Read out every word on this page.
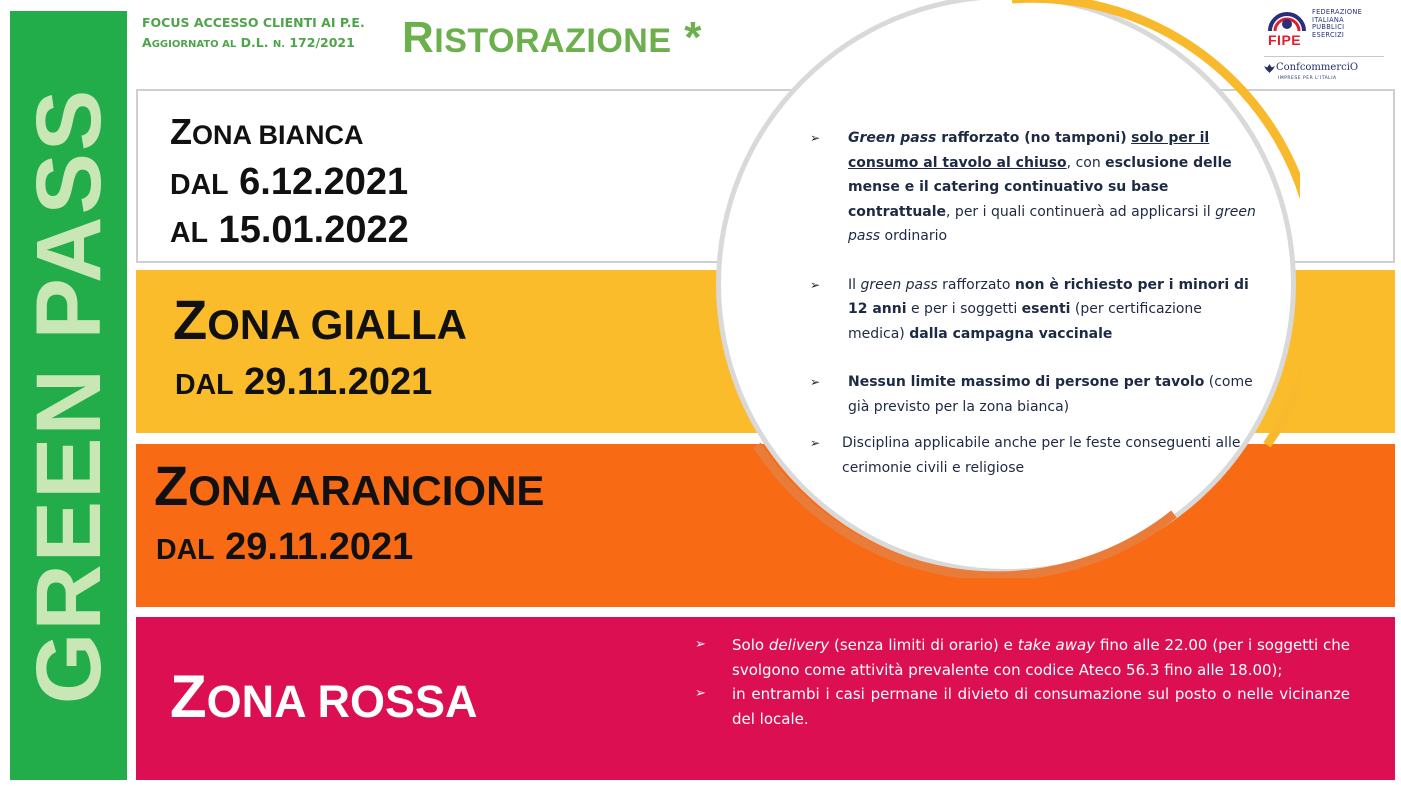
GREEN PASS
FOCUS ACCESSO CLIENTI AI P.E.
AGGIORNATO AL D.L. N. 172/2021 RISTORAZIONE *
FEDERAZIONE
ITALIANA
PUBBLICI
ESERCIZI
FIPE
ConfcommerciO
IMPRESE PER L'ITALIA
ZONA BIANCA
DAL 6.12.2021
AL 15.01.2022
ZONA GIALLA
DAL 29.11.2021
ZONA ARANCIONE
DAL 29.11.2021
ZONA ROSSA
➢ Green pass rafforzato (no tamponi) solo per il consumo al tavolo al chiuso, con esclusione delle mense e il catering continuativo su base contrattuale, per i quali continuerà ad applicarsi il green pass ordinario
➢ Il green pass rafforzato non è richiesto per i minori di 12 anni e per i soggetti esenti (per certificazione medica) dalla campagna vaccinale
➢ Nessun limite massimo di persone per tavolo (come già previsto per la zona bianca)
➢ Disciplina applicabile anche per le feste conseguenti alle cerimonie civili e religiose
➢ Solo delivery (senza limiti di orario) e take away fino alle 22.00 (per i soggetti che svolgono come attività prevalente con codice Ateco 56.3 fino alle 18.00);
➢ in entrambi i casi permane il divieto di consumazione sul posto o nelle vicinanze del locale.
